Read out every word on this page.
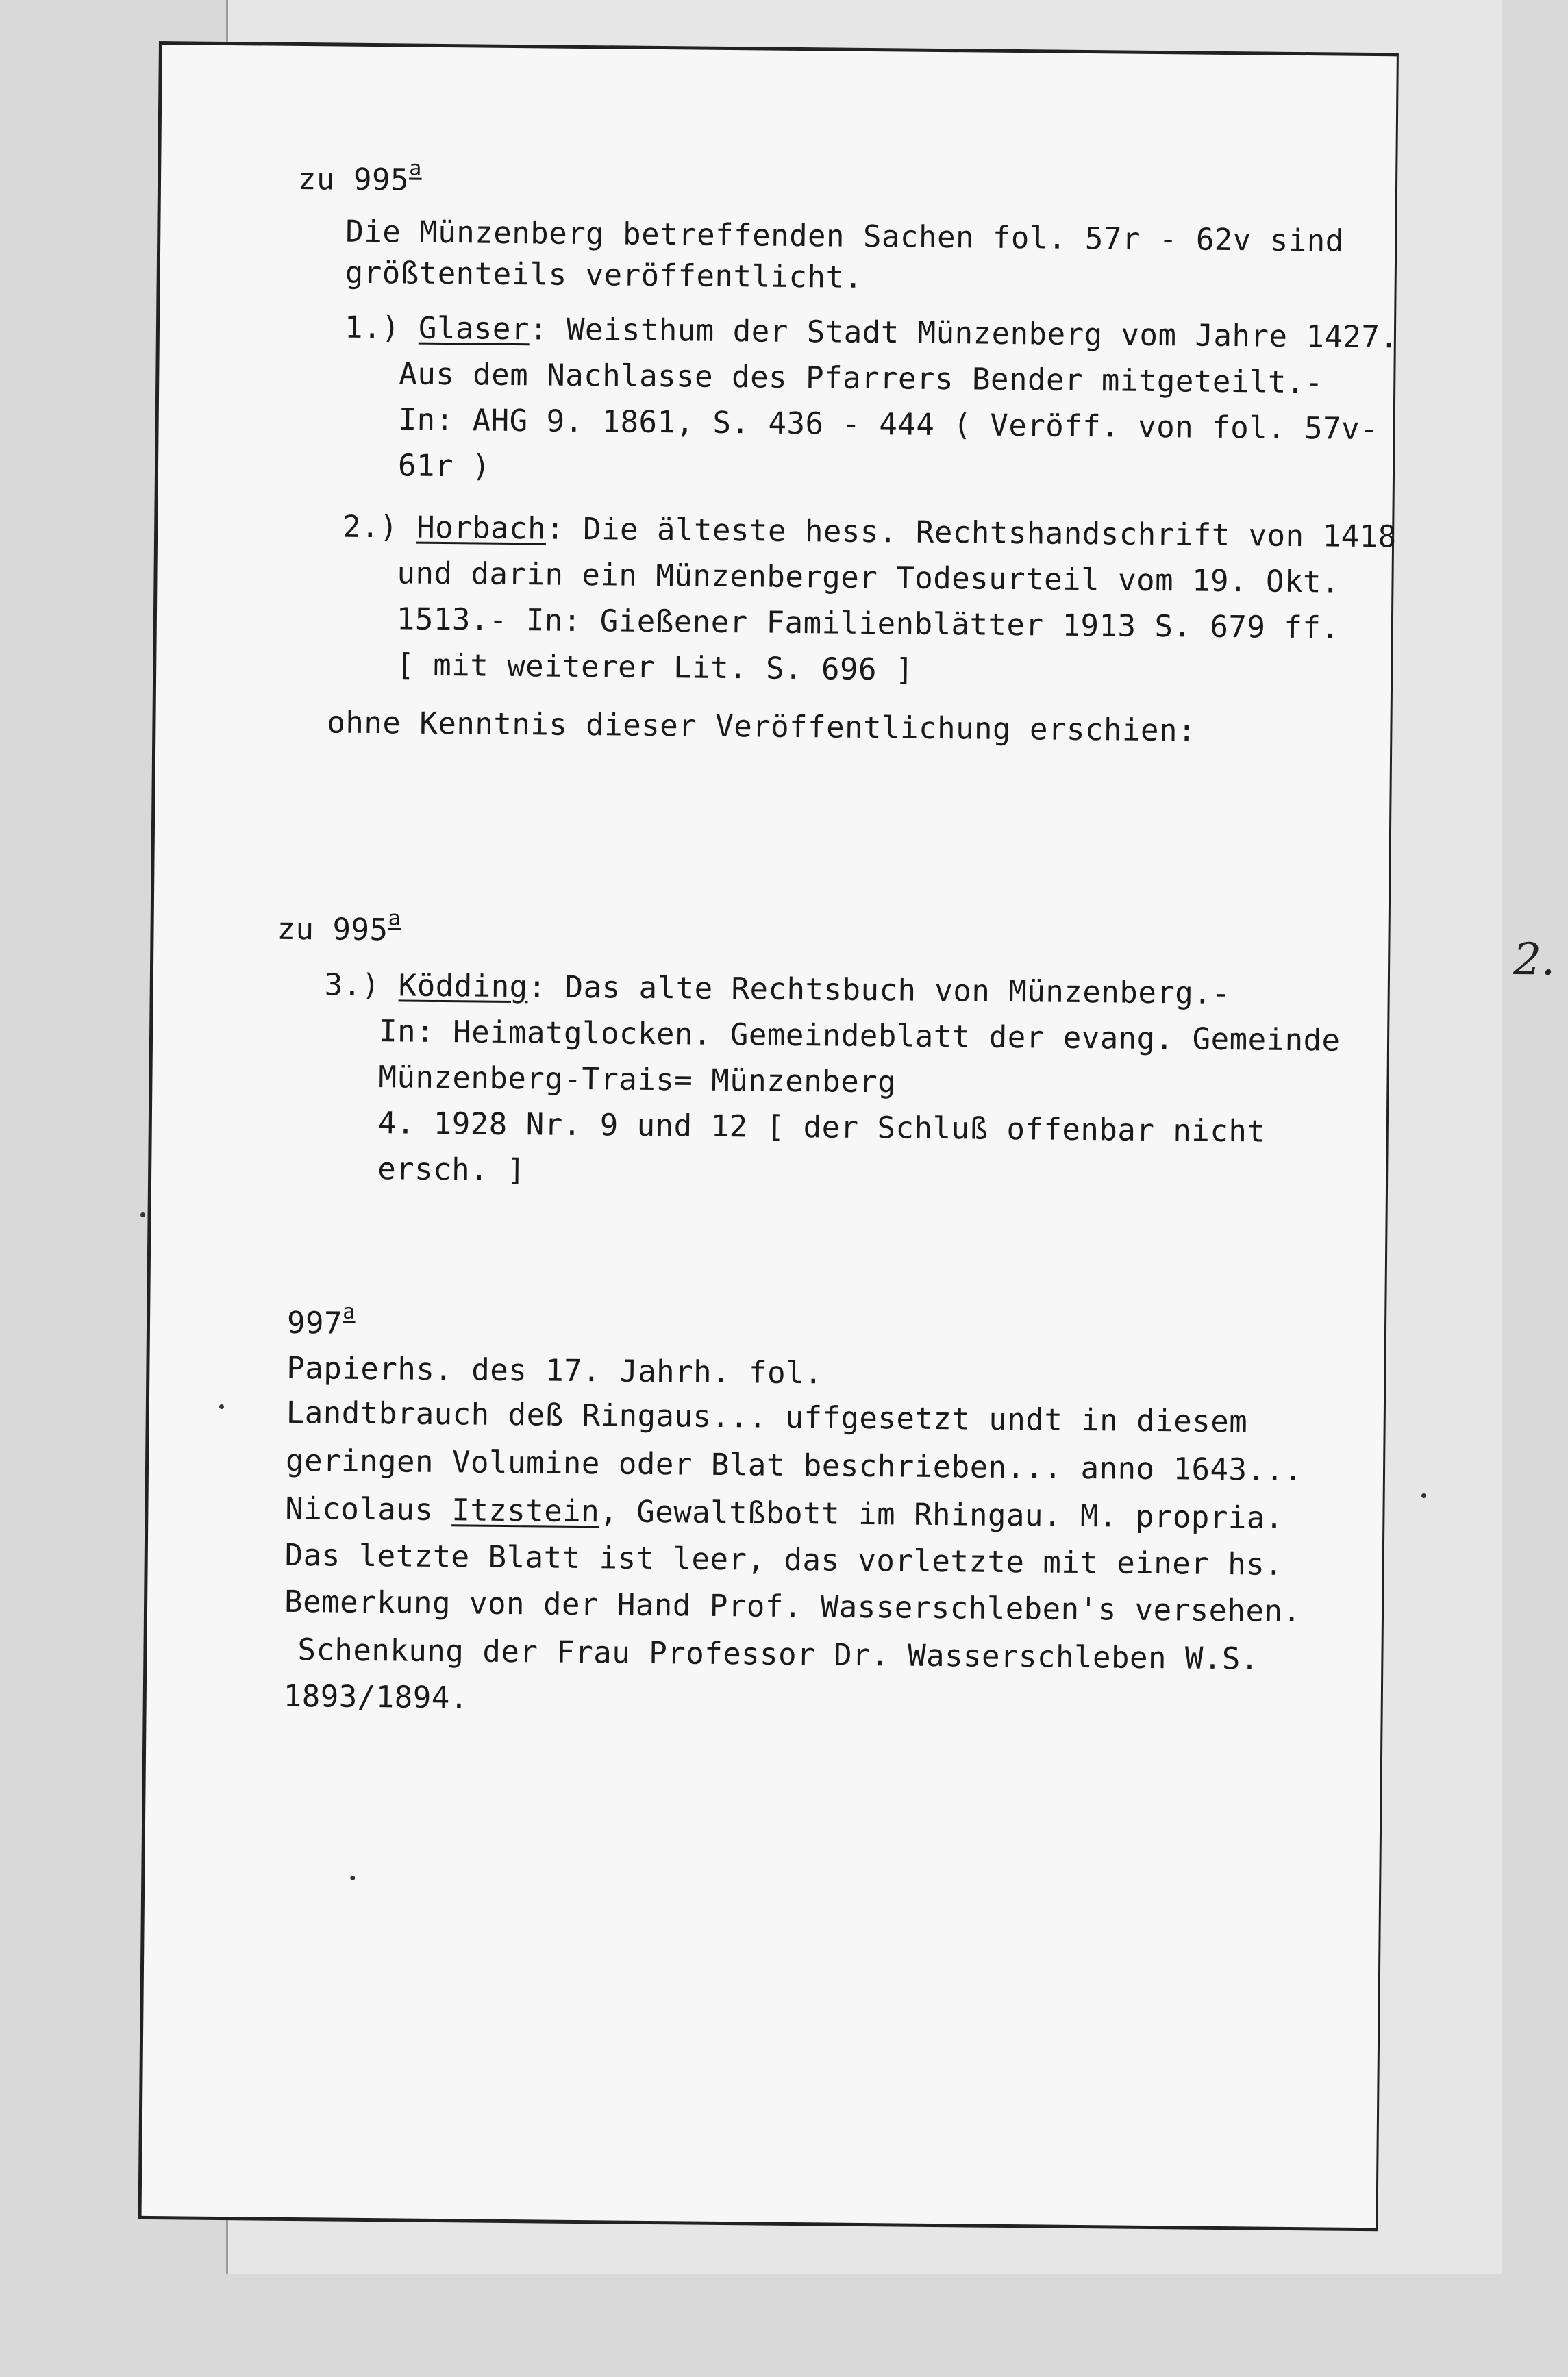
zu 995$^a$
Die Münzenberg betreffenden Sachen fol. 57r - 62v sind
größtenteils veröffentlicht.
1.) Glaser: Weisthum der Stadt Münzenberg vom Jahre 1427.
Aus dem Nachlasse des Pfarrers Bender mitgeteilt.-
In: AHG 9. 1861, S. 436 - 444 ( Veröff. von fol. 57v-
61r )
2.) Horbach: Die älteste hess. Rechtshandschrift von 1418
und darin ein Münzenberger Todesurteil vom 19. Okt.
1513.- In: Gießener Familienblätter 1913 S. 679 ff.
[ mit weiterer Lit. S. 696 ]
ohne Kenntnis dieser Veröffentlichung erschien:
zu 995$^a$
3.) Ködding: Das alte Rechtsbuch von Münzenberg.-
In: Heimatglocken. Gemeindeblatt der evang. Gemeinde
Münzenberg-Trais= Münzenberg
4. 1928 Nr. 9 und 12 [ der Schluß offenbar nicht
ersch. ]
997$^a$
Papierhs. des 17. Jahrh. fol.
Landtbrauch deß Ringaus... uffgesetzt undt in diesem
geringen Volumine oder Blat beschrieben... anno 1643...
Nicolaus Itzstein, Gewaltßbott im Rhingau. M. propria.
Das letzte Blatt ist leer, das vorletzte mit einer hs.
Bemerkung von der Hand Prof. Wasserschleben's versehen.
Schenkung der Frau Professor Dr. Wasserschleben W.S.
1893/1894.
2.
